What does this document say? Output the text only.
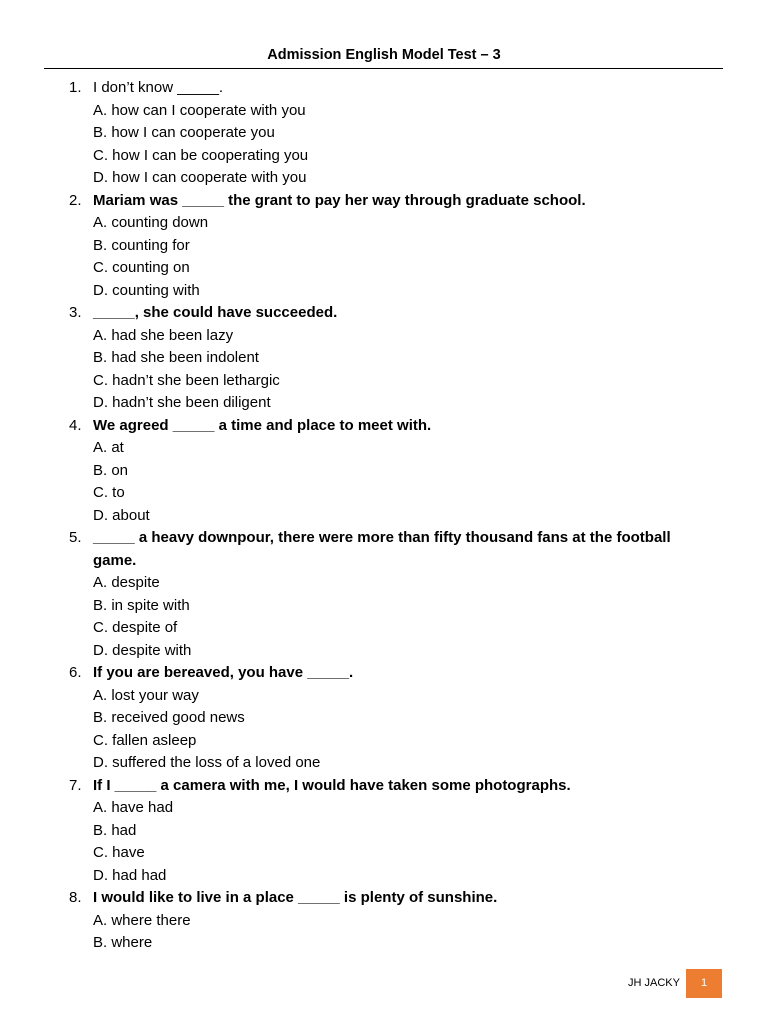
Admission English Model Test – 3
1. I don’t know _____.
A. how can I cooperate with you
B. how I can cooperate you
C. how I can be cooperating you
D. how I can cooperate with you
2. Mariam was _____ the grant to pay her way through graduate school.
A. counting down
B. counting for
C. counting on
D. counting with
3. _____, she could have succeeded.
A. had she been lazy
B. had she been indolent
C. hadn’t she been lethargic
D. hadn’t she been diligent
4. We agreed _____ a time and place to meet with.
A. at
B. on
C. to
D. about
5. _____ a heavy downpour, there were more than fifty thousand fans at the football
game.
A. despite
B. in spite with
C. despite of
D. despite with
6. If you are bereaved, you have _____.
A. lost your way
B. received good news
C. fallen asleep
D. suffered the loss of a loved one
7. If I _____ a camera with me, I would have taken some photographs.
A. have had
B. had
C. have
D. had had
8. I would like to live in a place _____ is plenty of sunshine.
A. where there
B. where
JH JACKY	1
